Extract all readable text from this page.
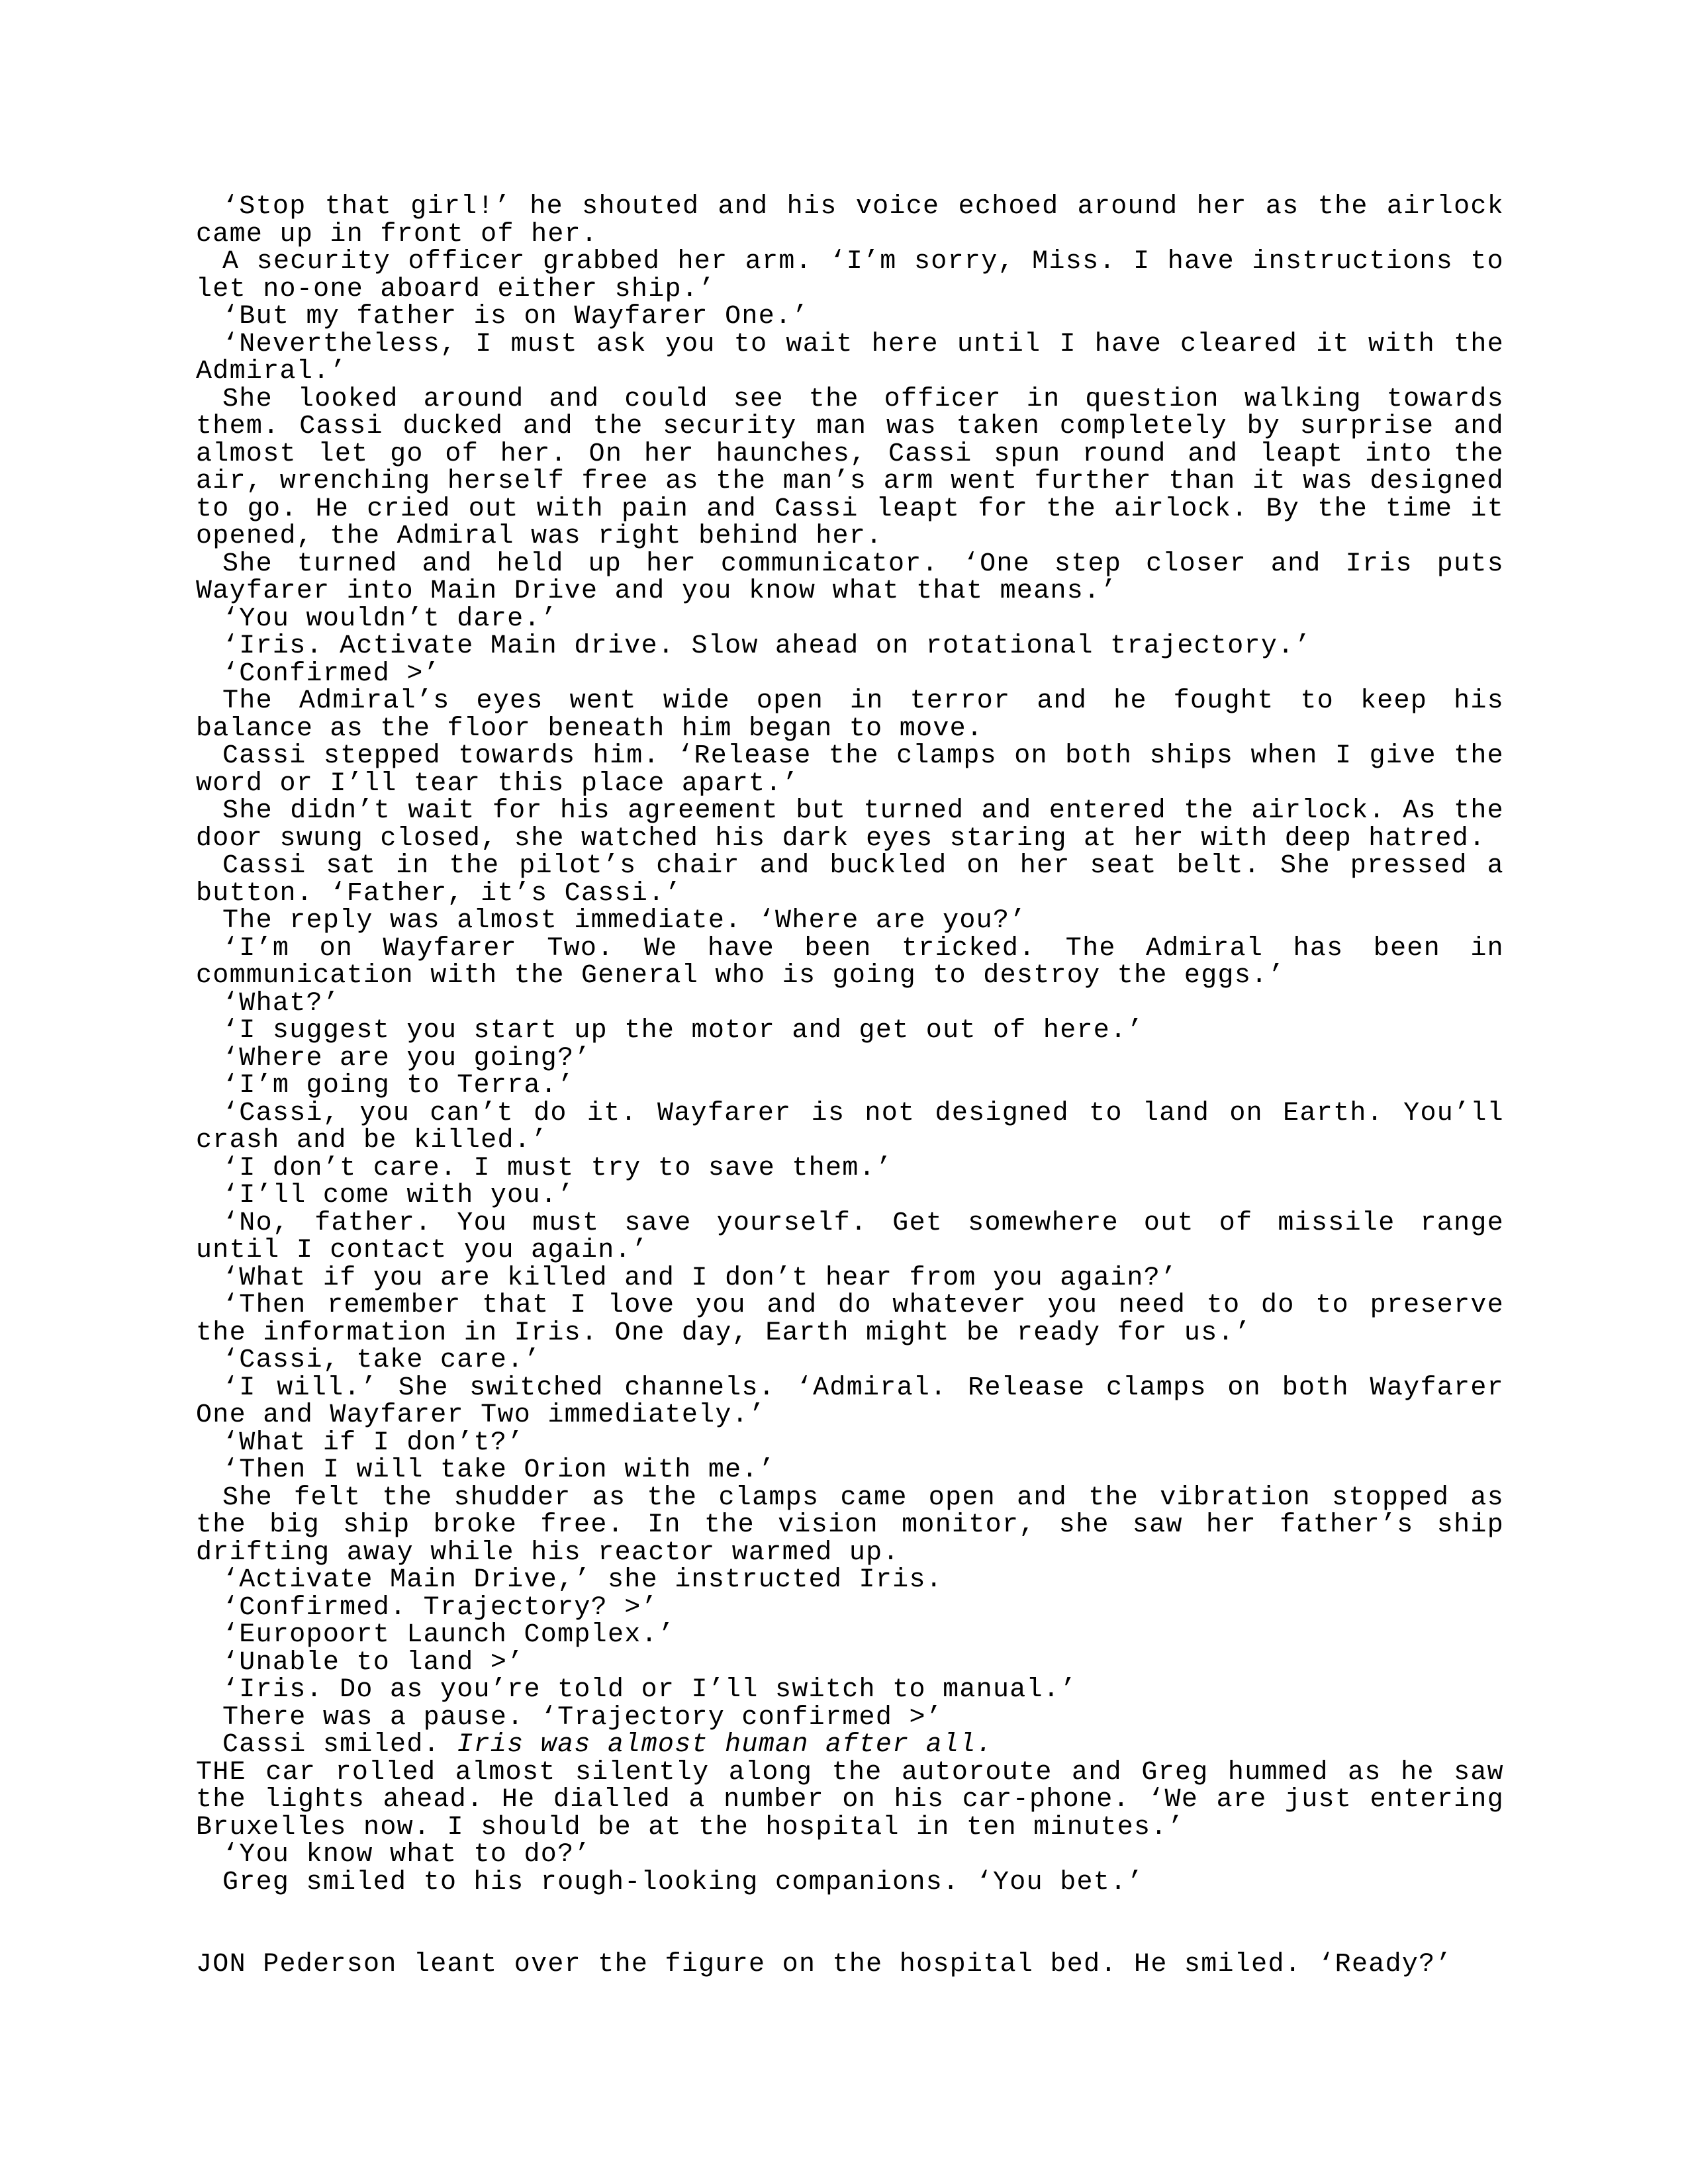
‘Stop that girl!’ he shouted and his voice echoed around her as the airlock
came up in front of her.
A security officer grabbed her arm. ‘I’m sorry, Miss. I have instructions to
let no-one aboard either ship.’
‘But my father is on Wayfarer One.’
‘Nevertheless, I must ask you to wait here until I have cleared it with the
Admiral.’
She looked around and could see the officer in question walking towards
them. Cassi ducked and the security man was taken completely by surprise and
almost let go of her. On her haunches, Cassi spun round and leapt into the
air, wrenching herself free as the man’s arm went further than it was designed
to go. He cried out with pain and Cassi leapt for the airlock. By the time it
opened, the Admiral was right behind her.
She turned and held up her communicator. ‘One step closer and Iris puts
Wayfarer into Main Drive and you know what that means.’
‘You wouldn’t dare.’
‘Iris. Activate Main drive. Slow ahead on rotational trajectory.’
‘Confirmed >’
The Admiral’s eyes went wide open in terror and he fought to keep his
balance as the floor beneath him began to move.
Cassi stepped towards him. ‘Release the clamps on both ships when I give the
word or I’ll tear this place apart.’
She didn’t wait for his agreement but turned and entered the airlock. As the
door swung closed, she watched his dark eyes staring at her with deep hatred.
Cassi sat in the pilot’s chair and buckled on her seat belt. She pressed a
button. ‘Father, it’s Cassi.’
The reply was almost immediate. ‘Where are you?’
‘I’m on Wayfarer Two. We have been tricked. The Admiral has been in
communication with the General who is going to destroy the eggs.’
‘What?’
‘I suggest you start up the motor and get out of here.’
‘Where are you going?’
‘I’m going to Terra.’
‘Cassi, you can’t do it. Wayfarer is not designed to land on Earth. You’ll
crash and be killed.’
‘I don’t care. I must try to save them.’
‘I’ll come with you.’
‘No, father. You must save yourself. Get somewhere out of missile range
until I contact you again.’
‘What if you are killed and I don’t hear from you again?’
‘Then remember that I love you and do whatever you need to do to preserve
the information in Iris. One day, Earth might be ready for us.’
‘Cassi, take care.’
‘I will.’ She switched channels. ‘Admiral. Release clamps on both Wayfarer
One and Wayfarer Two immediately.’
‘What if I don’t?’
‘Then I will take Orion with me.’
She felt the shudder as the clamps came open and the vibration stopped as
the big ship broke free. In the vision monitor, she saw her father’s ship
drifting away while his reactor warmed up.
‘Activate Main Drive,’ she instructed Iris.
‘Confirmed. Trajectory? >’
‘Europoort Launch Complex.’
‘Unable to land >’
‘Iris. Do as you’re told or I’ll switch to manual.’
There was a pause. ‘Trajectory confirmed >’
Cassi smiled. Iris was almost human after all.
THE car rolled almost silently along the autoroute and Greg hummed as he saw
the lights ahead. He dialled a number on his car-phone. ‘We are just entering
Bruxelles now. I should be at the hospital in ten minutes.’
‘You know what to do?’
Greg smiled to his rough-looking companions. ‘You bet.’
JON Pederson leant over the figure on the hospital bed. He smiled. ‘Ready?’
